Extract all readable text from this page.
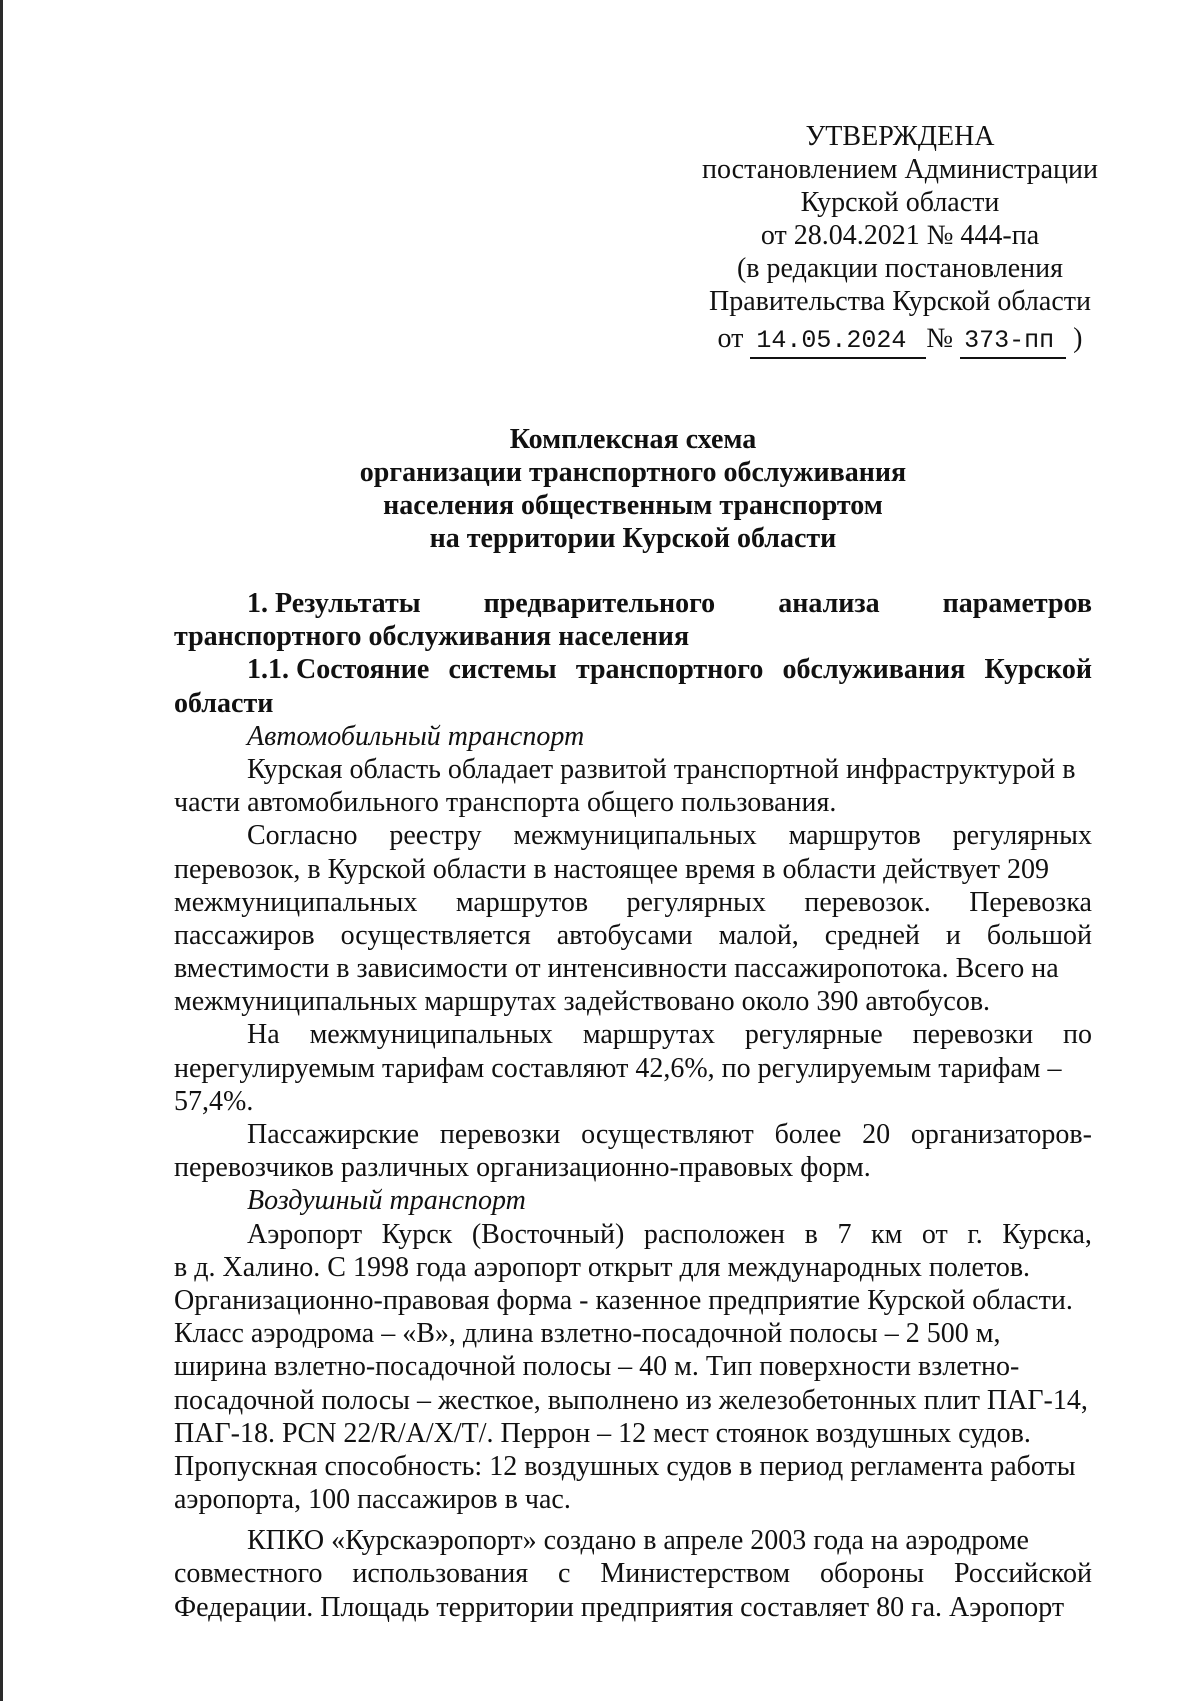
УТВЕРЖДЕНА
постановлением Администрации
Курской области
от 28.04.2021 № 444-па
(в редакции постановления
Правительства Курской области
от 14.05.2024 № 373-пп )
Комплексная схема
организации транспортного обслуживания
населения общественным транспортом
на территории Курской области
1. Результаты предварительного анализа параметров
транспортного обслуживания населения
1.1. Состояние системы транспортного обслуживания Курской
области
Автомобильный транспорт
Курская область обладает развитой транспортной инфраструктурой в
части автомобильного транспорта общего пользования.
Согласно реестру межмуниципальных маршрутов регулярных
перевозок, в Курской области в настоящее время в области действует 209
межмуниципальных маршрутов регулярных перевозок. Перевозка
пассажиров осуществляется автобусами малой, средней и большой
вместимости в зависимости от интенсивности пассажиропотока. Всего на
межмуниципальных маршрутах задействовано около 390 автобусов.
На межмуниципальных маршрутах регулярные перевозки по
нерегулируемым тарифам составляют 42,6%, по регулируемым тарифам –
57,4%.
Пассажирские перевозки осуществляют более 20 организаторов-
перевозчиков различных организационно-правовых форм.
Воздушный транспорт
Аэропорт Курск (Восточный) расположен в 7 км от г. Курска,
в д. Халино. С 1998 года аэропорт открыт для международных полетов.
Организационно-правовая форма - казенное предприятие Курской области.
Класс аэродрома – «В», длина взлетно-посадочной полосы – 2 500 м,
ширина взлетно-посадочной полосы – 40 м. Тип поверхности взлетно-
посадочной полосы – жесткое, выполнено из железобетонных плит ПАГ-14,
ПАГ-18. PCN 22/R/A/X/T/. Перрон – 12 мест стоянок воздушных судов.
Пропускная способность: 12 воздушных судов в период регламента работы
аэропорта, 100 пассажиров в час.
КПКО «Курскаэропорт» создано в апреле 2003 года на аэродроме
совместного использования с Министерством обороны Российской
Федерации. Площадь территории предприятия составляет 80 га. Аэропорт
